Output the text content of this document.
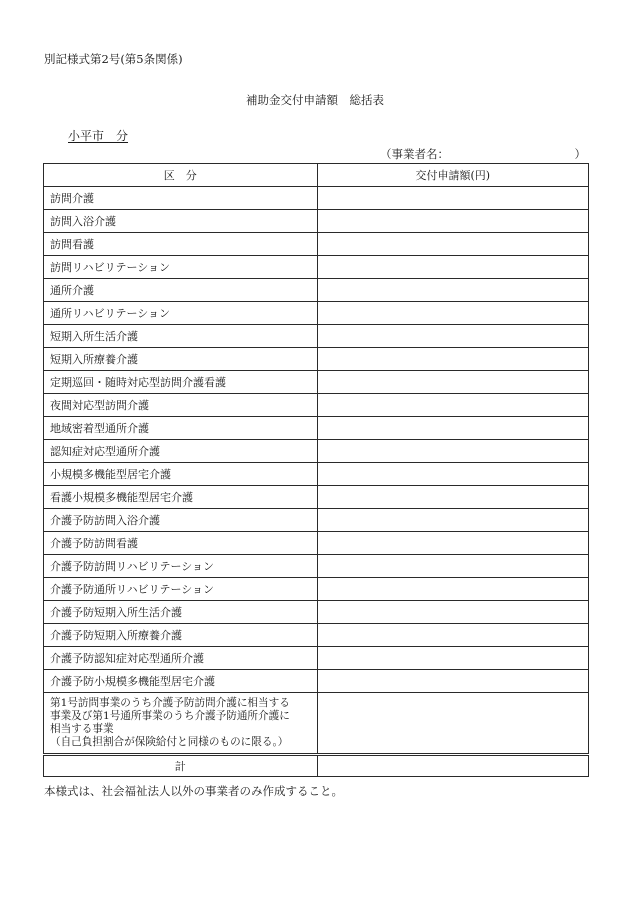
別記様式第2号(第5条関係)
補助金交付申請額　総括表
小平市　分
（事業者名：	）
区　分	交付申請額(円)
訪問介護	
訪問入浴介護	
訪問看護	
訪問リハビリテーション	
通所介護	
通所リハビリテーション	
短期入所生活介護	
短期入所療養介護	
定期巡回・随時対応型訪問介護看護	
夜間対応型訪問介護	
地域密着型通所介護	
認知症対応型通所介護	
小規模多機能型居宅介護	
看護小規模多機能型居宅介護	
介護予防訪問入浴介護	
介護予防訪問看護	
介護予防訪問リハビリテーション	
介護予防通所リハビリテーション	
介護予防短期入所生活介護	
介護予防短期入所療養介護	
介護予防認知症対応型通所介護	
介護予防小規模多機能型居宅介護	

第1号訪問事業のうち介護予防訪問介護に相当する
事業及び第1号通所事業のうち介護予防通所介護に
相当する事業
（自己負担割合が保険給付と同様のものに限る。）	

計	
本様式は、社会福祉法人以外の事業者のみ作成すること。
